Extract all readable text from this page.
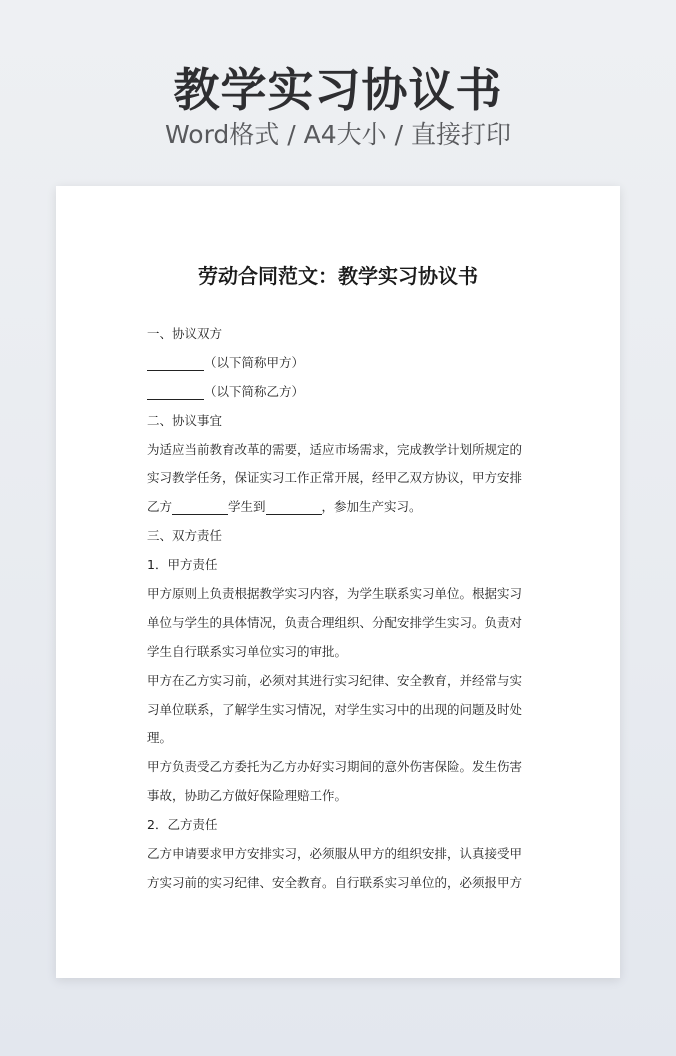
教学实习协议书
Word格式 / A4大小 / 直接打印
劳动合同范文：教学实习协议书
一、协议双方
（以下简称甲方）
（以下简称乙方）
二、协议事宜
为适应当前教育改革的需要，适应市场需求，完成教学计划所规定的
实习教学任务，保证实习工作正常开展，经甲乙双方协议，甲方安排
乙方	学生到	，参加生产实习。
三、双方责任
1．甲方责任
甲方原则上负责根据教学实习内容，为学生联系实习单位。根据实习
单位与学生的具体情况，负责合理组织、分配安排学生实习。负责对
学生自行联系实习单位实习的审批。
甲方在乙方实习前，必须对其进行实习纪律、安全教育，并经常与实
习单位联系，了解学生实习情况，对学生实习中的出现的问题及时处
理。
甲方负责受乙方委托为乙方办好实习期间的意外伤害保险。发生伤害
事故，协助乙方做好保险理赔工作。
2．乙方责任
乙方申请要求甲方安排实习，必须服从甲方的组织安排，认真接受甲
方实习前的实习纪律、安全教育。自行联系实习单位的，必须报甲方
